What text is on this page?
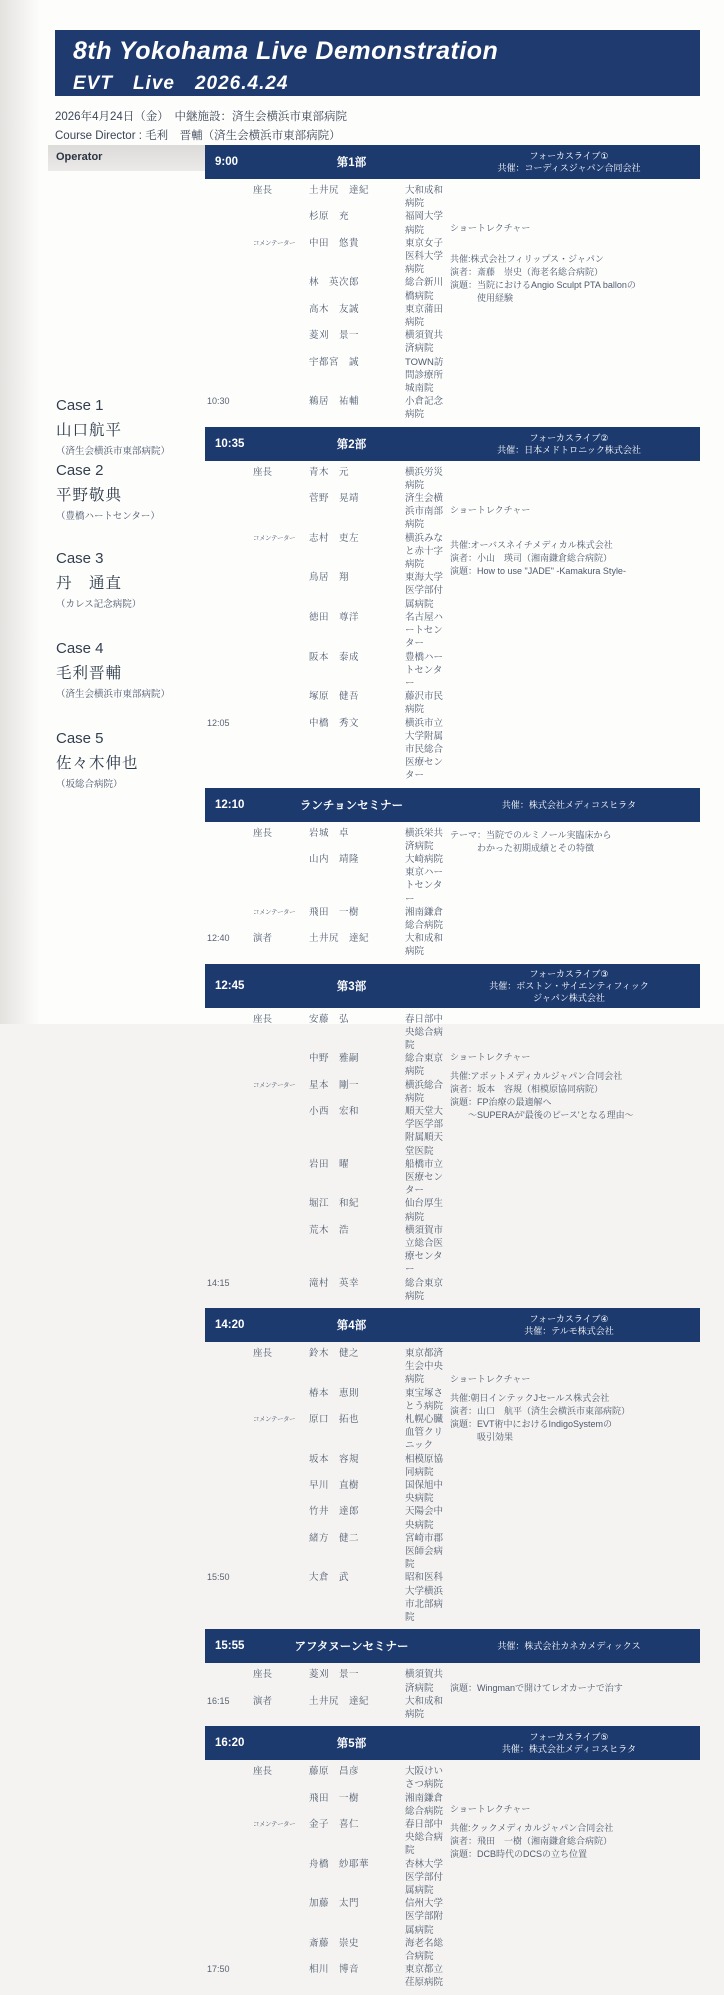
8th Yokohama Live Demonstration
EVT　Live　2026.4.24
2026年4月24日（金）　中継施設：済生会横浜市東部病院
Course Director : 毛利　晋輔（済生会横浜市東部病院）
Operator
Case 1
山口航平
（済生会横浜市東部病院）
Case 2
平野敬典
（豊橋ハートセンター）
Case 3
丹　通直
（カレス記念病院）
Case 4
毛利晋輔
（済生会横浜市東部病院）
Case 5
佐々木伸也
（坂総合病院）
9:00	第1部
フォーカスライブ①
共催：コーディスジャパン合同会社
座長	土井尻　達紀	大和成和病院
杉原　充	福岡大学病院
コメンテーター	中田　悠貴	東京女子医科大学病院
林　英次郎	総合新川橋病院
高木　友誠	東京蒲田病院
菱刈　景一	横須賀共済病院
宇都宮　誠	TOWN訪問診療所城南院
10:30	鵜居　祐輔	小倉記念病院
ショートレクチャー
共催:株式会社フィリップス・ジャパン
演者：斎藤　崇史（海老名総合病院）
演題：当院におけるAngio Sculpt PTA ballonの
　　　使用経験
10:35	第2部
フォーカスライブ②
共催：日本メドトロニック株式会社
座長	青木　元	横浜労災病院
菅野　晃靖	済生会横浜市南部病院
コメンテーター	志村　吏左	横浜みなと赤十字病院
鳥居　翔	東海大学医学部付属病院
徳田　尊洋	名古屋ハートセンター
阪本　泰成	豊橋ハートセンター
塚原　健吾	藤沢市民病院
12:05	中橋　秀文	横浜市立大学附属市民総合医療センター
ショートレクチャー
共催:オーバスネイチメディカル株式会社
演者：小山　瑛司（湘南鎌倉総合病院）
演題：How to use "JADE" -Kamakura Style-
12:10	ランチョンセミナー	共催：株式会社メディコスヒラタ
座長	岩城　卓	横浜栄共済病院
山内　靖隆	大崎病院東京ハートセンター
コメンテーター	飛田　一樹	湘南鎌倉総合病院
12:40	演者	土井尻　達紀	大和成和病院
テーマ：当院でのルミノール実臨床から
　　　わかった初期成績とその特徴
12:45	第3部
フォーカスライブ③
共催：ボストン・サイエンティフィック
ジャパン株式会社
座長	安藤　弘	春日部中央総合病院
中野　雅嗣	総合東京病院
コメンテーター	星本　剛一	横浜総合病院
小西　宏和	順天堂大学医学部附属順天堂医院
岩田　曜	船橋市立医療センター
堀江　和紀	仙台厚生病院
荒木　浩	横須賀市立総合医療センター
14:15	滝村　英幸	総合東京病院
ショートレクチャー
共催:アボットメディカルジャパン合同会社
演者：坂本　容規（相模原協同病院）
演題：FP治療の最適解へ
　　～SUPERAが'最後のピース'となる理由～
14:20	第4部
フォーカスライブ④
共催：テルモ株式会社
座長	鈴木　健之	東京都済生会中央病院
椿本　恵則	東宝塚さとう病院
コメンテーター	原口　拓也	札幌心臓血管クリニック
坂本　容規	相模原協同病院
早川　直樹	国保旭中央病院
竹井　達郎	天陽会中央病院
緒方　健二	宮崎市郡医師会病院
15:50	大倉　武	昭和医科大学横浜市北部病院
ショートレクチャー
共催:朝日インテックJセールス株式会社
演者：山口　航平（済生会横浜市東部病院）
演題：EVT術中におけるIndigoSystemの
　　　吸引効果
15:55	アフタヌーンセミナー	共催：株式会社カネカメディックス
座長	菱刈　景一	横須賀共済病院
16:15	演者	土井尻　達紀	大和成和病院
演題：Wingmanで開けてレオカーナで治す
16:20	第5部
フォーカスライブ⑤
共催：株式会社メディコスヒラタ
座長	藤原　昌彦	大阪けいさつ病院
飛田　一樹	湘南鎌倉総合病院
コメンテーター	金子　喜仁	春日部中央総合病院
舟橋　紗耶華	杏林大学医学部付属病院
加藤　太門	信州大学医学部附属病院
斎藤　崇史	海老名総合病院
17:50	相川　博音	東京都立荏原病院
ショートレクチャー
共催:クックメディカルジャパン合同会社
演者：飛田　一樹（湘南鎌倉総合病院）
演題：DCB時代のDCSの立ち位置
